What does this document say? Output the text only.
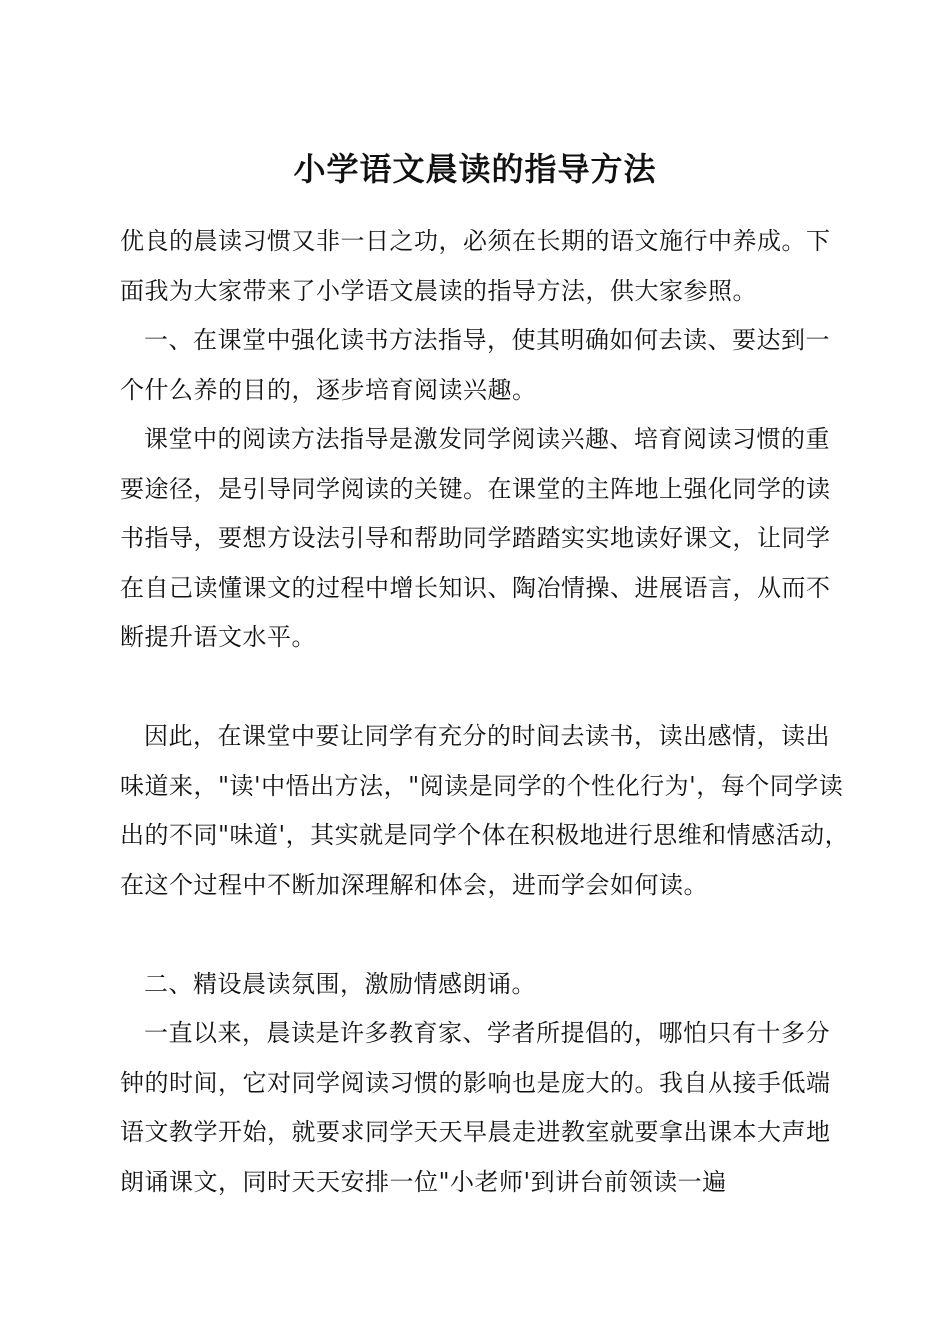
小学语文晨读的指导方法

优良的晨读习惯又非一日之功，必须在长期的语文施行中养成。下面我为大家带来了小学语文晨读的指导方法，供大家参照。

一、在课堂中强化读书方法指导，使其明确如何去读、要达到一个什么养的目的，逐步培育阅读兴趣。

课堂中的阅读方法指导是激发同学阅读兴趣、培育阅读习惯的重要途径，是引导同学阅读的关键。在课堂的主阵地上强化同学的读书指导，要想方设法引导和帮助同学踏踏实实地读好课文，让同学在自己读懂课文的过程中增长知识、陶冶情操、进展语言，从而不断提升语文水平。

因此，在课堂中要让同学有充分的时间去读书，读出感情，读出味道来，"读'中悟出方法，"阅读是同学的个性化行为'，每个同学读出的不同"味道'，其实就是同学个体在积极地进行思维和情感活动，在这个过程中不断加深理解和体会，进而学会如何读。

二、精设晨读氛围，激励情感朗诵。

一直以来，晨读是许多教育家、学者所提倡的，哪怕只有十多分钟的时间，它对同学阅读习惯的影响也是庞大的。我自从接手低端语文教学开始，就要求同学天天早晨走进教室就要拿出课本大声地朗诵课文，同时天天安排一位"小老师'到讲台前领读一遍
